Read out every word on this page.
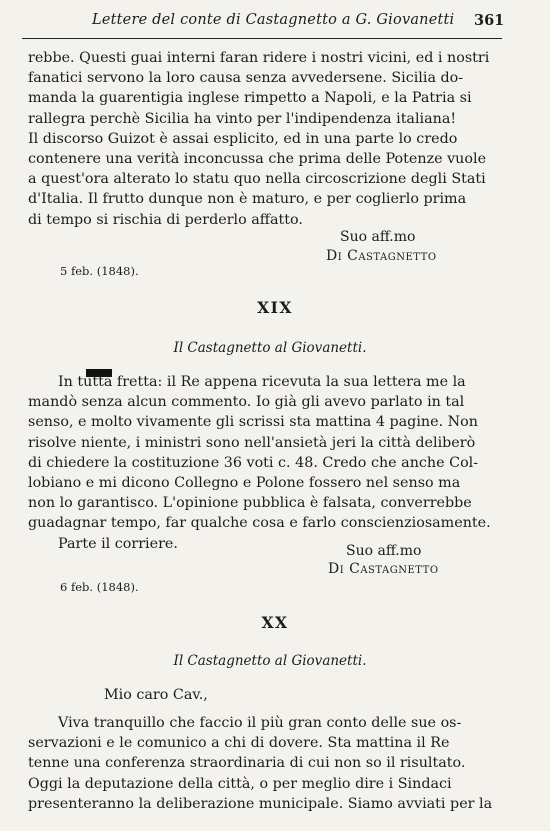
Lettere del conte di Castagnetto a G. Giovanetti 361
rebbe. Questi guai interni faran ridere i nostri vicini, ed i nostri
fanatici servono la loro causa senza avvedersene. Sicilia do-
manda la guarentigia inglese rimpetto a Napoli, e la Patria si
rallegra perchè Sicilia ha vinto per l'indipendenza italiana!
Il discorso Guizot è assai esplicito, ed in una parte lo credo
contenere una verità inconcussa che prima delle Potenze vuole
a quest'ora alterato lo statu quo nella circoscrizione degli Stati
d'Italia. Il frutto dunque non è maturo, e per coglierlo prima
di tempo si rischia di perderlo affatto.
Suo aff.mo
Di Castagnetto
5 feb. (1848).
XIX
Il Castagnetto al Giovanetti.
In tutta fretta: il Re appena ricevuta la sua lettera me la
mandò senza alcun commento. Io già gli avevo parlato in tal
senso, e molto vivamente gli scrissi sta mattina 4 pagine. Non
risolve niente, i ministri sono nell'ansietà jeri la città deliberò
di chiedere la costituzione 36 voti c. 48. Credo che anche Col-
lobiano e mi dicono Collegno e Polone fossero nel senso ma
non lo garantisco. L'opinione pubblica è falsata, converrebbe
guadagnar tempo, far qualche cosa e farlo conscienziosamente.
Parte il corriere.	Suo aff.mo
Di Castagnetto
6 feb. (1848).
XX
Il Castagnetto al Giovanetti.
Mio caro Cav.,
Viva tranquillo che faccio il più gran conto delle sue os-
servazioni e le comunico a chi di dovere. Sta mattina il Re
tenne una conferenza straordinaria di cui non so il risultato.
Oggi la deputazione della città, o per meglio dire i Sindaci
presenteranno la deliberazione municipale. Siamo avviati per la
